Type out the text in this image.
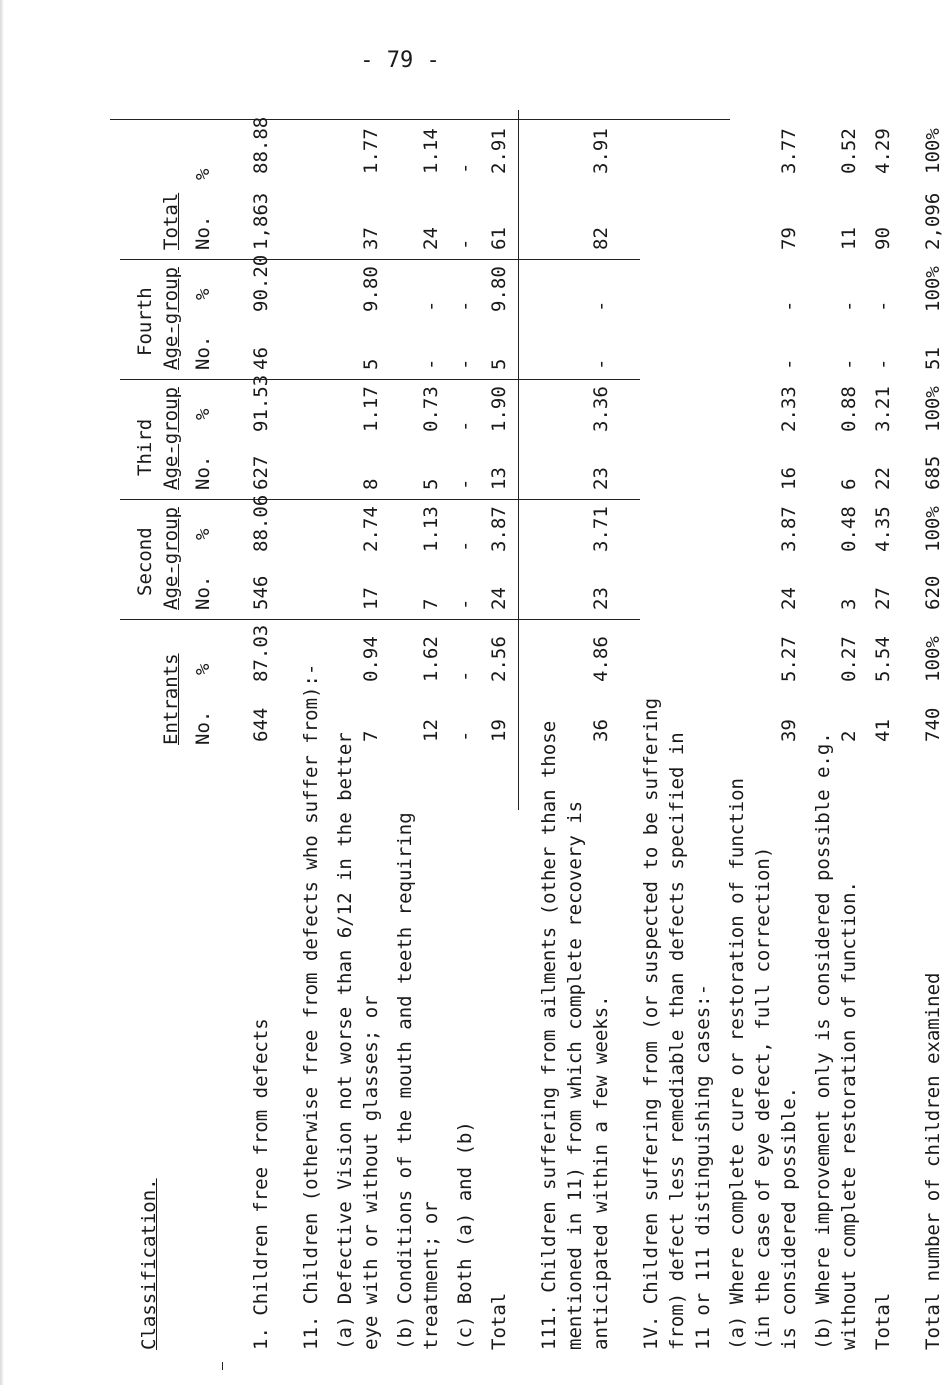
- 79 -
Classification.
Entrants No.
%
Second Age-group No.
%
Third Age-group No.
%
Fourth Age-group No.
%
Total No.
%
1. Children free from defects
644
87.03
546
88.06
627
91.53
46
90.20
1,863
88.88
11. Children (otherwise free from defects who suffer from):- (a) Defective Vision not worse than 6/12 in the better eye with or without glasses; or
7
0.94
17
2.74
8
1.17
5
9.80
37
1.77
(b) Conditions of the mouth and teeth requiring treatment; or
12
1.62
7
1.13
5
0.73
-
-
24
1.14
(c) Both (a) and (b)
-
-
-
-
-
-
-
-
-
-
Total
19
2.56
24
3.87
13
1.90
5
9.80
61
2.91
111. Children suffering from ailments (other than those mentioned in 11) from which complete recovery is anticipated within a few weeks.
36
4.86
23
3.71
23
3.36
-
-
82
3.91
1V. Children suffering from (or suspected to be suffering from) defect less remediable than defects specified in 11 or 111 distinguishing cases:- (a) Where complete cure or restoration of function (in the case of eye defect, full correction) is considered possible.
39
5.27
24
3.87
16
2.33
-
-
79
3.77
(b) Where improvement only is considered possible e.g. without complete restoration of function.
2
0.27
3
0.48
6
0.88
-
-
11
0.52
Total
41
5.54
27
4.35
22
3.21
-
-
90
4.29
Total number of children examined
740
100%
620
100%
685
100%
51
100%
2,096
100%
